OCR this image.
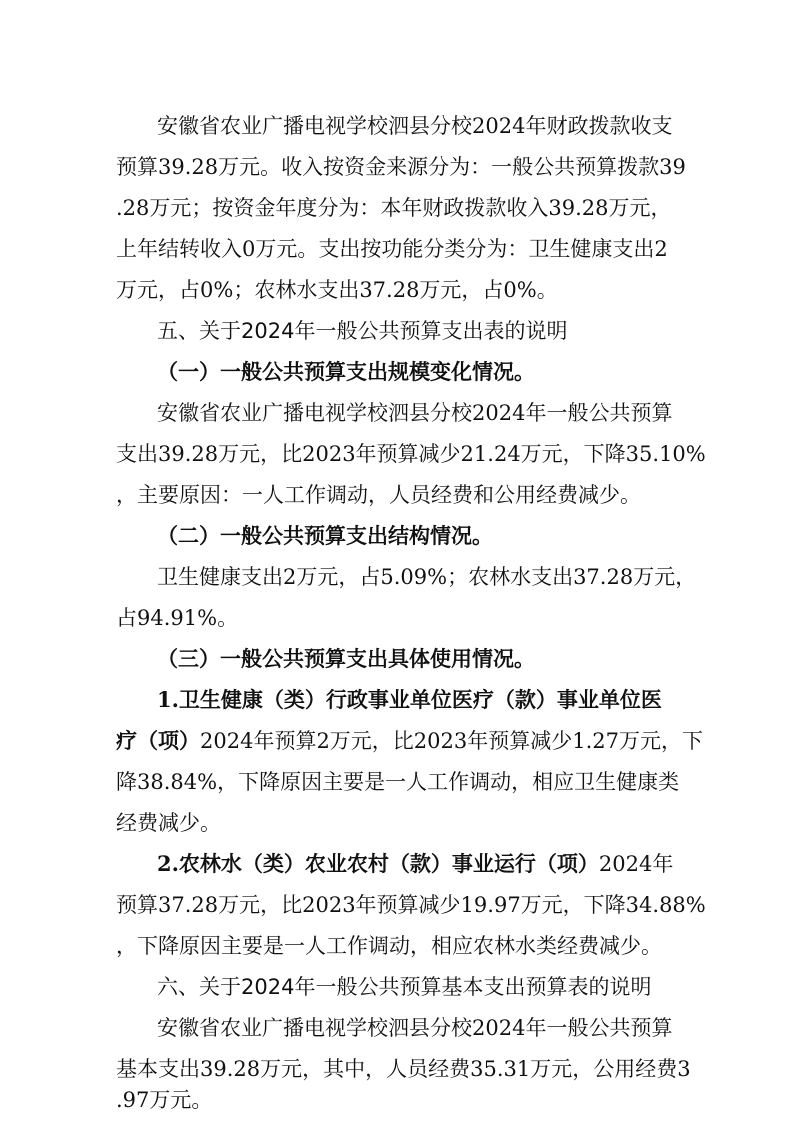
安徽省农业广播电视学校泗县分校2024年财政拨款收支
预算39.28万元。收入按资金来源分为：一般公共预算拨款39
.28万元；按资金年度分为：本年财政拨款收入39.28万元，
上年结转收入0万元。支出按功能分类分为：卫生健康支出2
万元，占0%；农林水支出37.28万元，占0%。
五、关于2024年一般公共预算支出表的说明
（一）一般公共预算支出规模变化情况。
安徽省农业广播电视学校泗县分校2024年一般公共预算
支出39.28万元，比2023年预算减少21.24万元，下降35.10%
，主要原因：一人工作调动，人员经费和公用经费减少。
（二）一般公共预算支出结构情况。
卫生健康支出2万元，占5.09%；农林水支出37.28万元，
占94.91%。
（三）一般公共预算支出具体使用情况。
1.卫生健康（类）行政事业单位医疗（款）事业单位医
疗（项）2024年预算2万元，比2023年预算减少1.27万元，下
降38.84%，下降原因主要是一人工作调动，相应卫生健康类
经费减少。
2.农林水（类）农业农村（款）事业运行（项）2024年
预算37.28万元，比2023年预算减少19.97万元，下降34.88%
，下降原因主要是一人工作调动，相应农林水类经费减少。
六、关于2024年一般公共预算基本支出预算表的说明
安徽省农业广播电视学校泗县分校2024年一般公共预算
基本支出39.28万元，其中，人员经费35.31万元，公用经费3
.97万元。
